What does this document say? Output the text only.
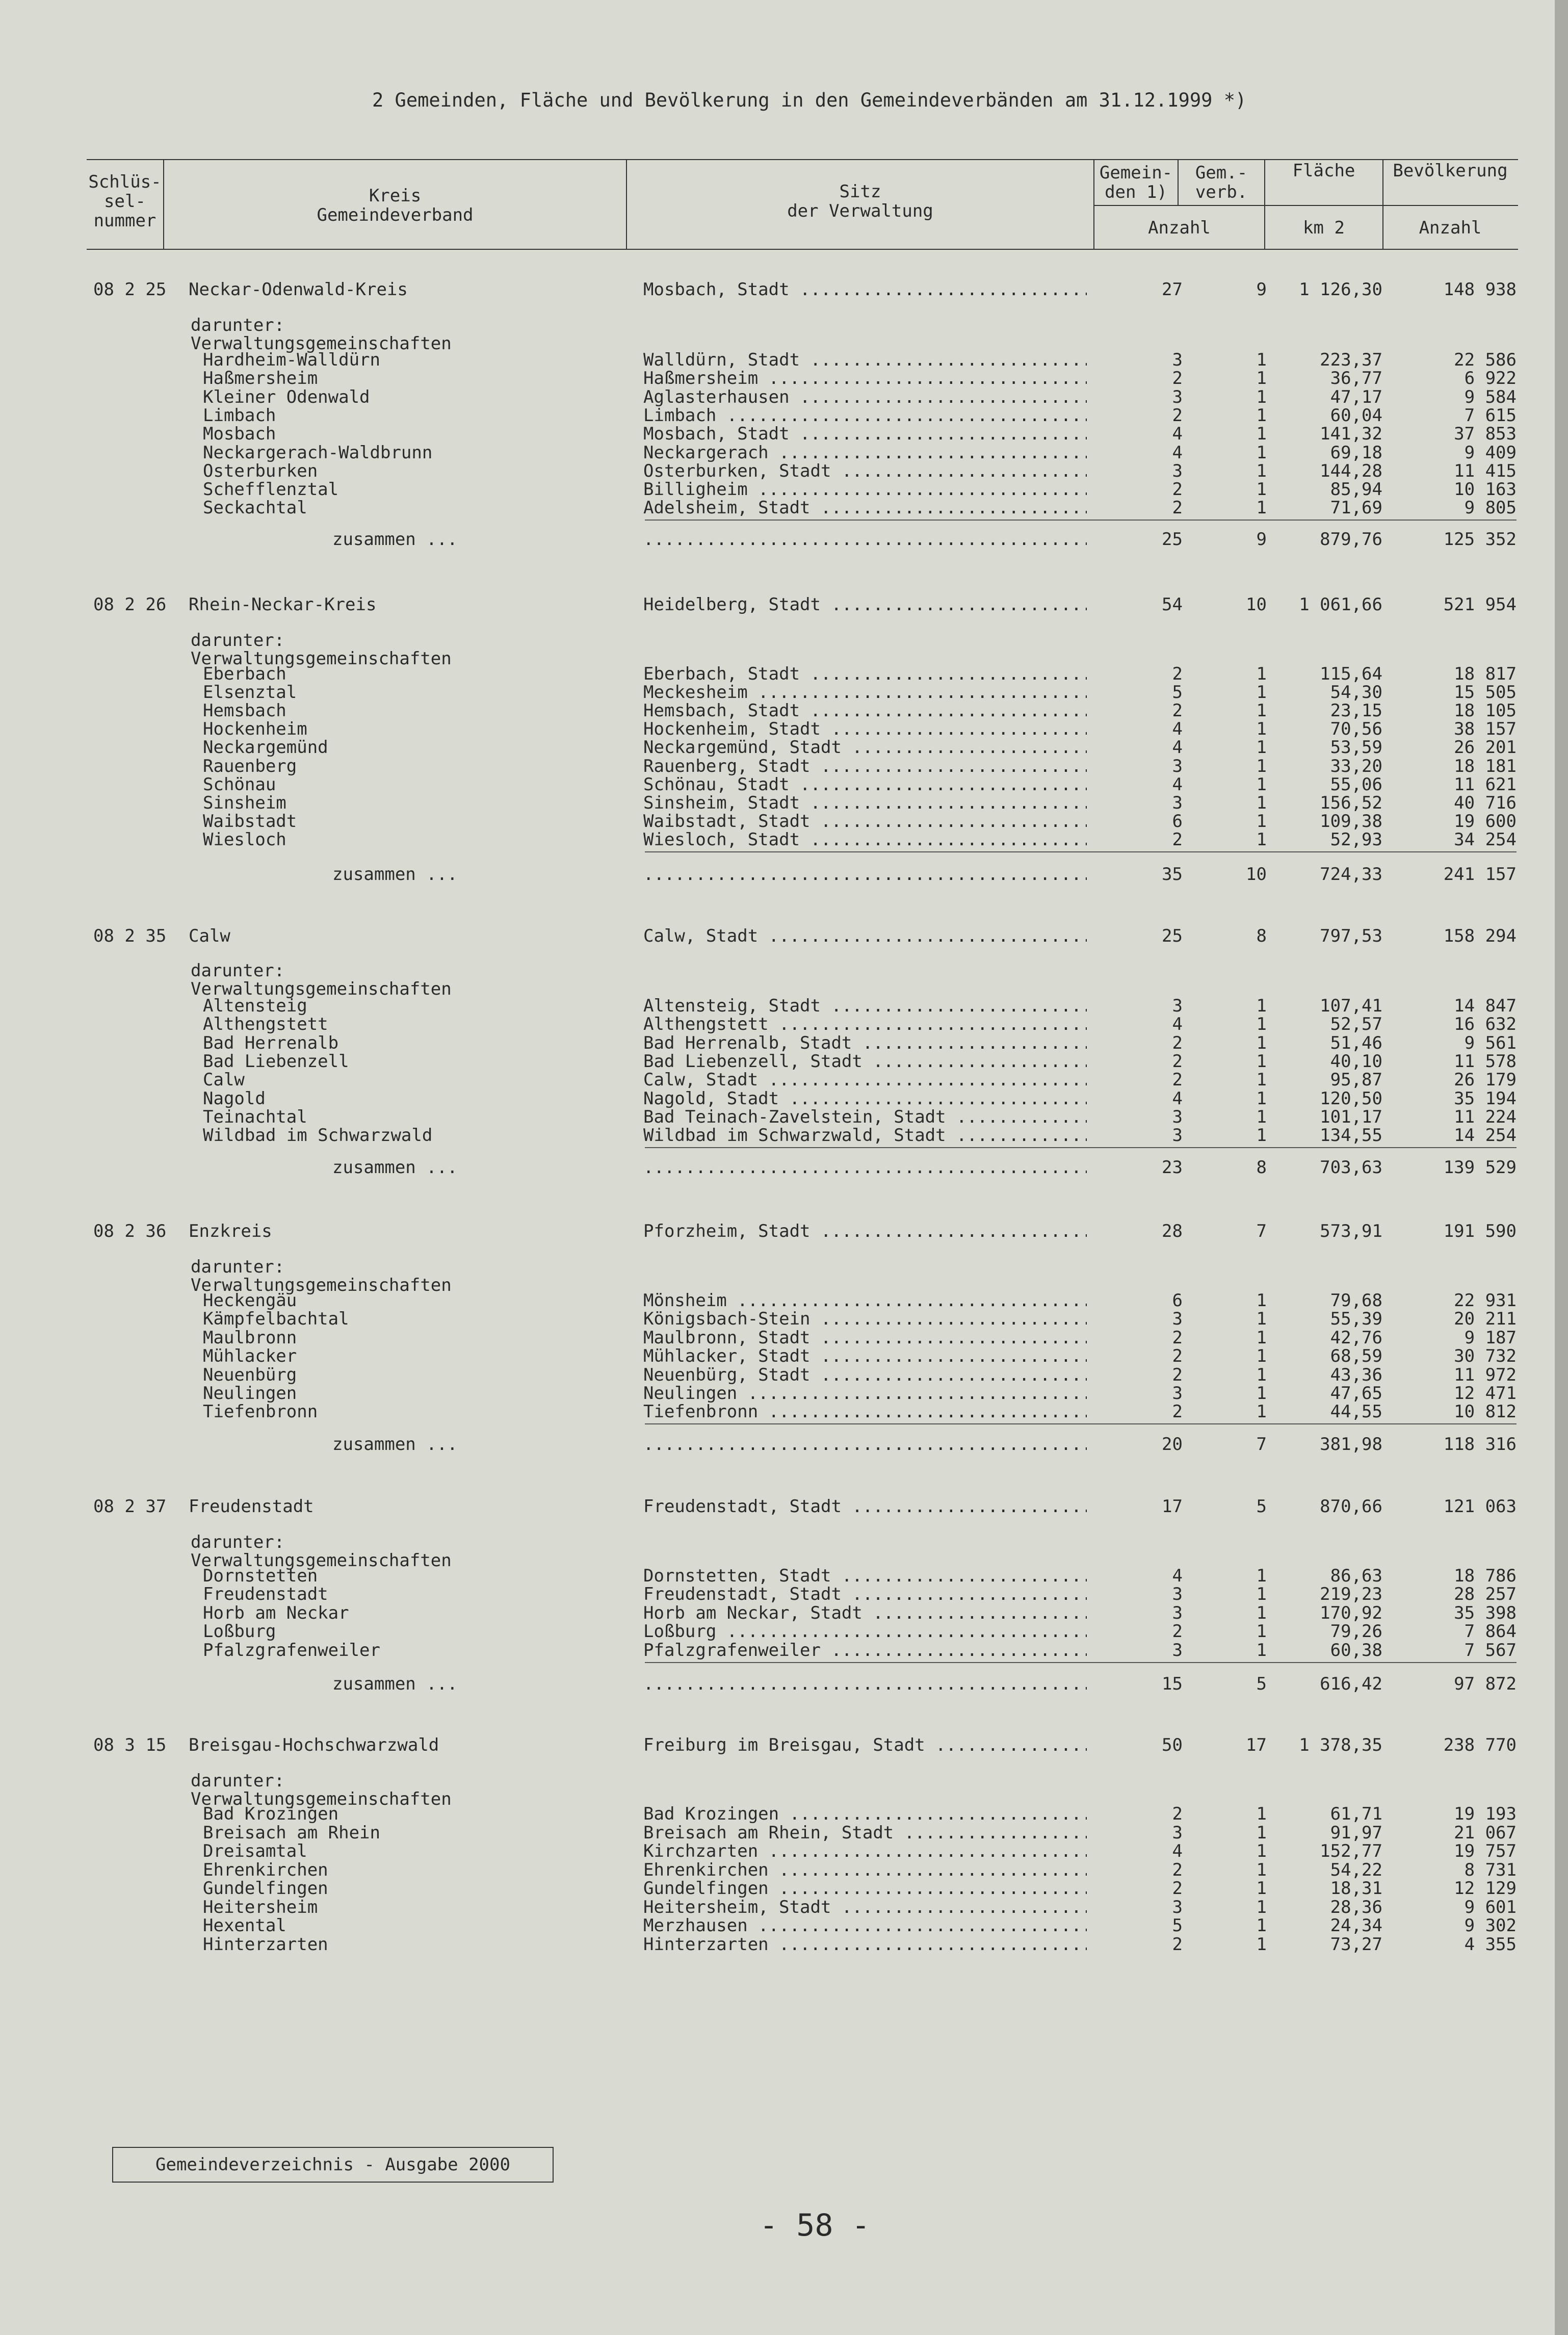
2 Gemeinden, Fläche und Bevölkerung in den Gemeindeverbänden am 31.12.1999 *)
Schlüs-
sel-
nummer
Kreis
Gemeindeverband
Sitz
der Verwaltung
Gemein-
den 1)
Gem.-
verb.
Fläche	Bevölkerung
Anzahl	km 2	Anzahl
08 2 25 Neckar-Odenwald-Kreis	Mosbach, Stadt .....	27	9	1 126,30	148 938
darunter:
Verwaltungsgemeinschaften
Hardheim-Walldürn	Walldürn, Stadt .....	3	1	223,37	22 586
Haßmersheim	Haßmersheim .....	2	1	36,77	6 922
Kleiner Odenwald	Aglasterhausen .....	3	1	47,17	9 584
Limbach	Limbach .....	2	1	60,04	7 615
Mosbach	Mosbach, Stadt .....	4	1	141,32	37 853
Neckargerach-Waldbrunn	Neckargerach .....	4	1	69,18	9 409
Osterburken	Osterburken, Stadt .....	3	1	144,28	11 415
Schefflenztal	Billigheim .....	2	1	85,94	10 163
Seckachtal	Adelsheim, Stadt .....	2	1	71,69	9 805
zusammen ... .....	25	9	879,76	125 352
08 2 26 Rhein-Neckar-Kreis	Heidelberg, Stadt .....	54	10	1 061,66	521 954
darunter:
Verwaltungsgemeinschaften
Eberbach	Eberbach, Stadt .....	2	1	115,64	18 817
Elsenztal	Meckesheim .....	5	1	54,30	15 505
Hemsbach	Hemsbach, Stadt .....	2	1	23,15	18 105
Hockenheim	Hockenheim, Stadt .....	4	1	70,56	38 157
Neckargemünd	Neckargemünd, Stadt .....	4	1	53,59	26 201
Rauenberg	Rauenberg, Stadt .....	3	1	33,20	18 181
Schönau	Schönau, Stadt .....	4	1	55,06	11 621
Sinsheim	Sinsheim, Stadt .....	3	1	156,52	40 716
Waibstadt	Waibstadt, Stadt .....	6	1	109,38	19 600
Wiesloch	Wiesloch, Stadt .....	2	1	52,93	34 254
zusammen ... .....	35	10	724,33	241 157
08 2 35 Calw	Calw, Stadt .....	25	8	797,53	158 294
darunter:
Verwaltungsgemeinschaften
Altensteig	Altensteig, Stadt .....	3	1	107,41	14 847
Althengstett	Althengstett .....	4	1	52,57	16 632
Bad Herrenalb	Bad Herrenalb, Stadt .....	2	1	51,46	9 561
Bad Liebenzell	Bad Liebenzell, Stadt .....	2	1	40,10	11 578
Calw	Calw, Stadt .....	2	1	95,87	26 179
Nagold	Nagold, Stadt .....	4	1	120,50	35 194
Teinachtal	Bad Teinach-Zavelstein, Stadt .....	3	1	101,17	11 224
Wildbad im Schwarzwald	Wildbad im Schwarzwald, Stadt .....	3	1	134,55	14 254
zusammen ... .....	23	8	703,63	139 529
08 2 36 Enzkreis	Pforzheim, Stadt .....	28	7	573,91	191 590
darunter:
Verwaltungsgemeinschaften
Heckengäu	Mönsheim .....	6	1	79,68	22 931
Kämpfelbachtal	Königsbach-Stein .....	3	1	55,39	20 211
Maulbronn	Maulbronn, Stadt .....	2	1	42,76	9 187
Mühlacker	Mühlacker, Stadt .....	2	1	68,59	30 732
Neuenbürg	Neuenbürg, Stadt .....	2	1	43,36	11 972
Neulingen	Neulingen .....	3	1	47,65	12 471
Tiefenbronn	Tiefenbronn .....	2	1	44,55	10 812
zusammen ... .....	20	7	381,98	118 316
08 2 37 Freudenstadt	Freudenstadt, Stadt .....	17	5	870,66	121 063
darunter:
Verwaltungsgemeinschaften
Dornstetten	Dornstetten, Stadt .....	4	1	86,63	18 786
Freudenstadt	Freudenstadt, Stadt .....	3	1	219,23	28 257
Horb am Neckar	Horb am Neckar, Stadt .....	3	1	170,92	35 398
Loßburg	Loßburg .....	2	1	79,26	7 864
Pfalzgrafenweiler	Pfalzgrafenweiler .....	3	1	60,38	7 567
zusammen ... .....	15	5	616,42	97 872
08 3 15 Breisgau-Hochschwarzwald	Freiburg im Breisgau, Stadt .....	50	17	1 378,35	238 770
darunter:
Verwaltungsgemeinschaften
Bad Krozingen	Bad Krozingen .....	2	1	61,71	19 193
Breisach am Rhein	Breisach am Rhein, Stadt .....	3	1	91,97	21 067
Dreisamtal	Kirchzarten .....	4	1	152,77	19 757
Ehrenkirchen	Ehrenkirchen .....	2	1	54,22	8 731
Gundelfingen	Gundelfingen .....	2	1	18,31	12 129
Heitersheim	Heitersheim, Stadt .....	3	1	28,36	9 601
Hexental	Merzhausen .....	5	1	24,34	9 302
Hinterzarten	Hinterzarten .....	2	1	73,27	4 355
Gemeindeverzeichnis - Ausgabe 2000
- 58 -
